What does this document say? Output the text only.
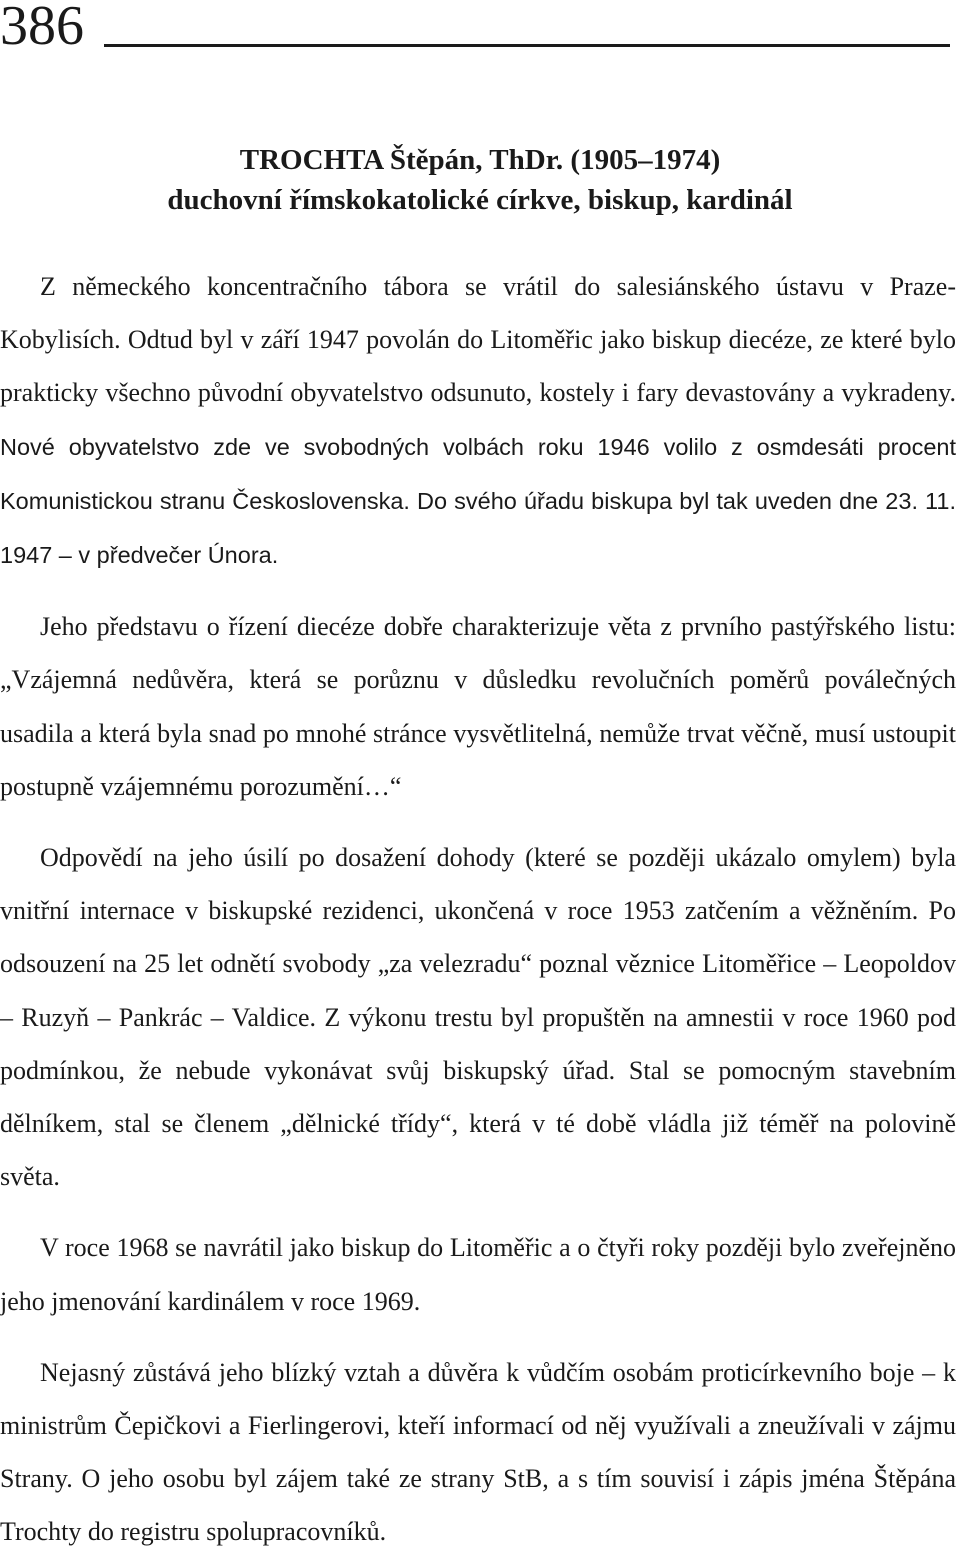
386
TROCHTA Štěpán, ThDr. (1905–1974)
duchovní římskokatolické církve, biskup, kardinál

Z německého koncentračního tábora se vrátil do salesiánského ústavu v Praze-Kobylisích. Odtud byl v září 1947 povolán do Litoměřic jako biskup diecéze, ze které bylo prakticky všechno původní obyvatelstvo odsunuto, kostely i fary devastovány a vykradeny. Nové obyvatelstvo zde ve svobodných volbách roku 1946 volilo z osmdesáti procent Komunistickou stranu Československa. Do svého úřadu biskupa byl tak uveden dne 23. 11. 1947 – v předvečer Února.

Jeho představu o řízení diecéze dobře charakterizuje věta z prvního pastýřského listu: „Vzájemná nedůvěra, která se porůznu v důsledku revolučních poměrů poválečných usadila a která byla snad po mnohé stránce vysvětlitelná, nemůže trvat věčně, musí ustoupit postupně vzájemnému porozumění…“

Odpovědí na jeho úsilí po dosažení dohody (které se později ukázalo omylem) byla vnitřní internace v biskupské rezidenci, ukončená v roce 1953 zatčením a věžněním. Po odsouzení na 25 let odnětí svobody „za velezradu“ poznal věznice Litoměřice – Leopoldov – Ruzyň – Pankrác – Valdice. Z výkonu trestu byl propuštěn na amnestii v roce 1960 pod podmínkou, že nebude vykonávat svůj biskupský úřad. Stal se pomocným stavebním dělníkem, stal se členem „dělnické třídy“, která v té době vládla již téměř na polovině světa.

V roce 1968 se navrátil jako biskup do Litoměřic a o čtyři roky později bylo zveřejněno jeho jmenování kardinálem v roce 1969.

Nejasný zůstává jeho blízký vztah a důvěra k vůdčím osobám proticírkevního boje – k ministrům Čepičkovi a Fierlingerovi, kteří informací od něj využívali a zneužívali v zájmu Strany. O jeho osobu byl zájem také ze strany StB, a s tím souvisí i zápis jména Štěpána Trochty do registru spolupracovníků.
